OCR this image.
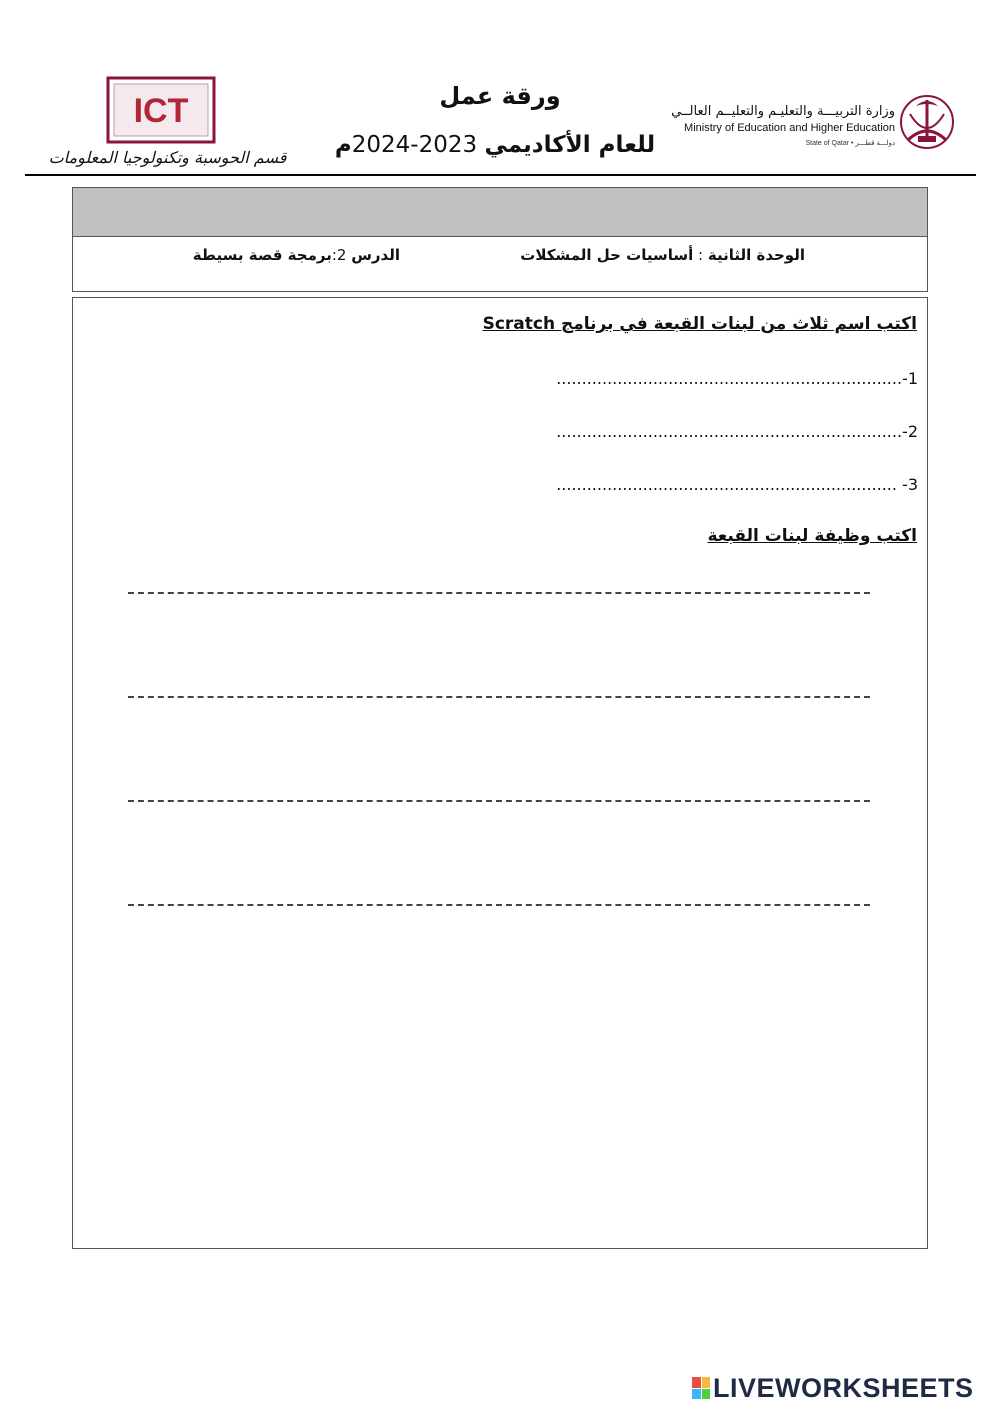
ورقة عمل
للعام الأكاديمي 2023-2024م
وزارة التربيـــة والتعليـم والتعليــم العالــي
Ministry of Education and Higher Education
State of Qatar • دولـــة قطـــر
ICT
قسم الحوسبة وتكنولوجيا المعلومات
الوحدة الثانية : أساسيات حل المشكلات
الدرس 2:برمجة قصة بسيطة
اكتب اسم ثلاث من لبنات القبعة في برنامج Scratch
....................................................................-1
....................................................................-2
................................................................... -3
اكتب وظيفة لبنات القبعة
LIVEWORKSHEETS
